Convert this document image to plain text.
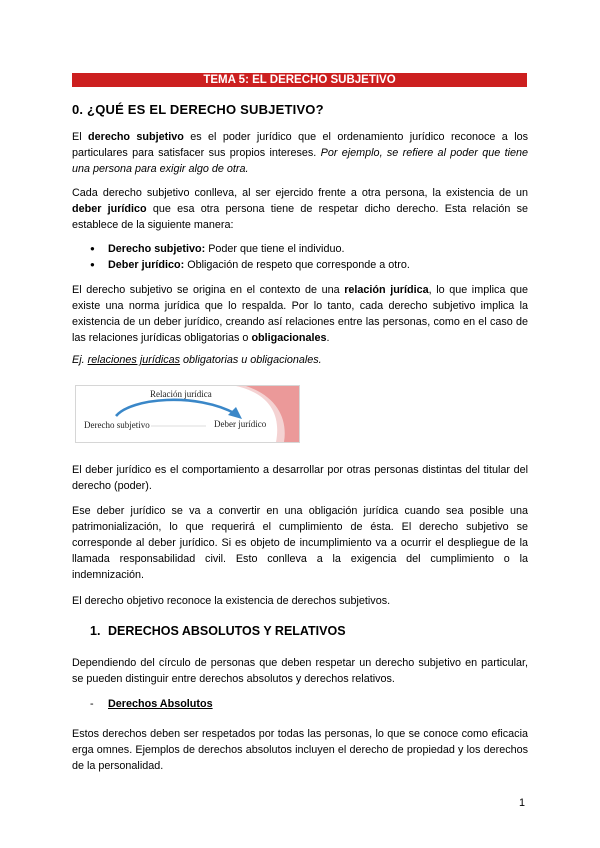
TEMA 5: EL DERECHO SUBJETIVO
0. ¿QUÉ ES EL DERECHO SUBJETIVO?
El derecho subjetivo es el poder jurídico que el ordenamiento jurídico reconoce a los particulares para satisfacer sus propios intereses. Por ejemplo, se refiere al poder que tiene una persona para exigir algo de otra.
Cada derecho subjetivo conlleva, al ser ejercido frente a otra persona, la existencia de un deber jurídico que esa otra persona tiene de respetar dicho derecho. Esta relación se establece de la siguiente manera:
● Derecho subjetivo: Poder que tiene el individuo.
● Deber jurídico: Obligación de respeto que corresponde a otro.
El derecho subjetivo se origina en el contexto de una relación jurídica, lo que implica que existe una norma jurídica que lo respalda. Por lo tanto, cada derecho subjetivo implica la existencia de un deber jurídico, creando así relaciones entre las personas, como en el caso de las relaciones jurídicas obligatorias o obligacionales.
Ej. relaciones jurídicas obligatorias u obligacionales.
Relación jurídica
Derecho subjetivo	Deber jurídico
El deber jurídico es el comportamiento a desarrollar por otras personas distintas del titular del derecho (poder).
Ese deber jurídico se va a convertir en una obligación jurídica cuando sea posible una patrimonialización, lo que requerirá el cumplimiento de ésta. El derecho subjetivo se corresponde al deber jurídico. Si es objeto de incumplimiento va a ocurrir el despliegue de la llamada responsabilidad civil. Esto conlleva a la exigencia del cumplimiento o la indemnización.
El derecho objetivo reconoce la existencia de derechos subjetivos.
1. DERECHOS ABSOLUTOS Y RELATIVOS
Dependiendo del círculo de personas que deben respetar un derecho subjetivo en particular, se pueden distinguir entre derechos absolutos y derechos relativos.
- Derechos Absolutos
Estos derechos deben ser respetados por todas las personas, lo que se conoce como eficacia erga omnes. Ejemplos de derechos absolutos incluyen el derecho de propiedad y los derechos de la personalidad.
1
